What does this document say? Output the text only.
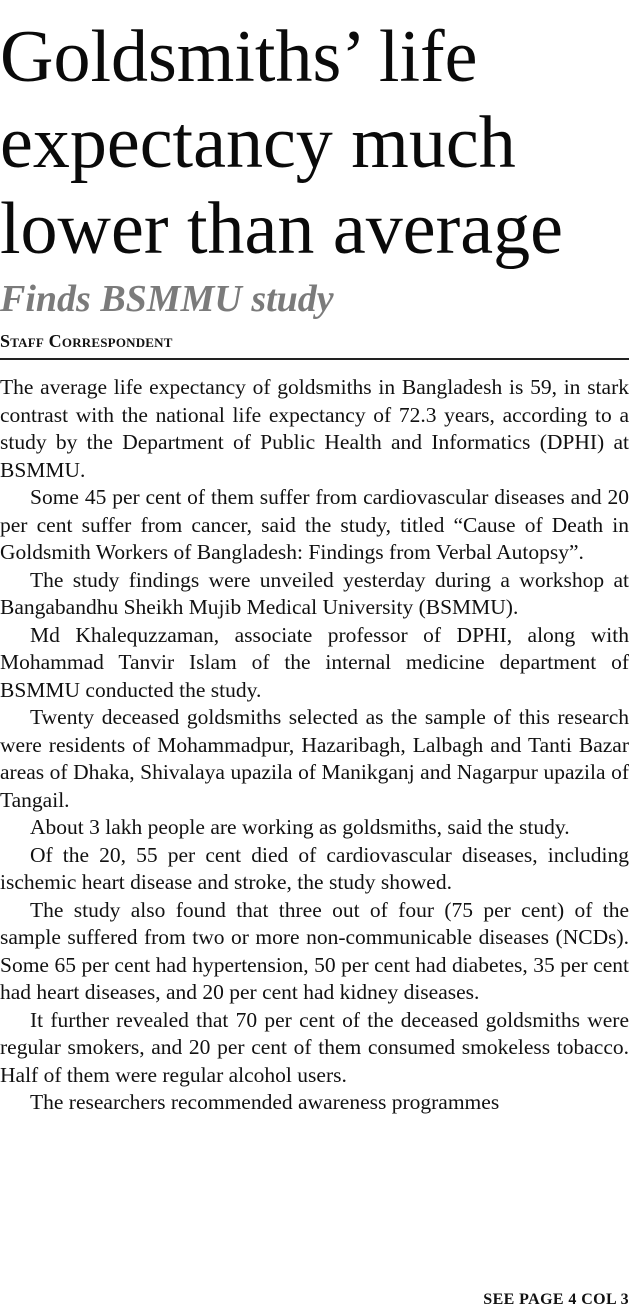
Goldsmiths’ life expectancy much lower than average
Finds BSMMU study
Staff Correspondent

The average life expectancy of goldsmiths in Bangladesh is 59, in stark contrast with the national life expectancy of 72.3 years, according to a study by the Department of Public Health and Informatics (DPHI) at BSMMU.

Some 45 per cent of them suffer from cardiovascular diseases and 20 per cent suffer from cancer, said the study, titled “Cause of Death in Goldsmith Workers of Bangladesh: Findings from Verbal Autopsy”.

The study findings were unveiled yesterday during a workshop at Bangabandhu Sheikh Mujib Medical University (BSMMU).

Md Khalequzzaman, associate professor of DPHI, along with Mohammad Tanvir Islam of the internal medicine department of BSMMU conducted the study.

Twenty deceased goldsmiths selected as the sample of this research were residents of Mohammadpur, Hazaribagh, Lalbagh and Tanti Bazar areas of Dhaka, Shivalaya upazila of Manikganj and Nagarpur upazila of Tangail.

About 3 lakh people are working as goldsmiths, said the study.

Of the 20, 55 per cent died of cardiovascular diseases, including ischemic heart disease and stroke, the study showed.

The study also found that three out of four (75 per cent) of the sample suffered from two or more non-communicable diseases (NCDs). Some 65 per cent had hypertension, 50 per cent had diabetes, 35 per cent had heart diseases, and 20 per cent had kidney diseases.

It further revealed that 70 per cent of the deceased goldsmiths were regular smokers, and 20 per cent of them consumed smokeless tobacco. Half of them were regular alcohol users.

The researchers recommended awareness programmes

SEE PAGE 4 COL 3
